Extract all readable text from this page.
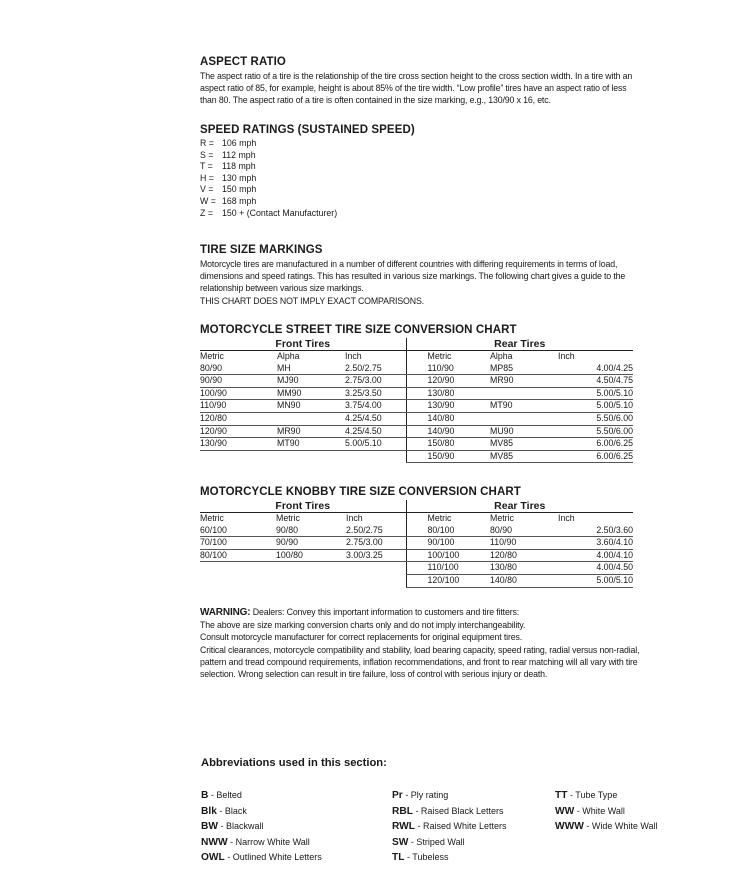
ASPECT RATIO

The aspect ratio of a tire is the relationship of the tire cross section height to the cross section width. In a tire with an aspect ratio of 85, for example, height is about 85% of the tire width. “Low profile” tires have an aspect ratio of less than 80. The aspect ratio of a tire is often contained in the size marking, e.g., 130/90 x 16, etc.

SPEED RATINGS (SUSTAINED SPEED)
R = 106 mph
S = 112 mph
T =	118 mph
H = 130 mph
V = 150 mph
W = 168 mph
Z =	150 + (Contact Manufacturer)
TIRE SIZE MARKINGS

Motorcycle tires are manufactured in a number of different countries with differing requirements in terms of load, dimensions and speed ratings. This has resulted in various size markings. The following chart gives a guide to the relationship between various size markings.

THIS CHART DOES NOT IMPLY EXACT COMPARISONS.

MOTORCYCLE STREET TIRE SIZE CONVERSION CHART
Front Tires			Rear Tires		
Metric	Alpha	Inch	Metric	Alpha	Inch
80/90	MH	2.50/2.75	110/90	MP85	4.00/4.25
90/90	MJ90	2.75/3.00	120/90	MR90	4.50/4.75
100/90	MM90	3.25/3.50	130/80		5.00/5.10
110/90	MN90	3.75/4.00	130/90	MT90	5.00/5.10
120/80		4.25/4.50	140/80		5.50/6.00
120/90	MR90	4.25/4.50	140/90	MU90	5.50/6.00
130/90	MT90	5.00/5.10	150/80	MV85	6.00/6.25
			150/90	MV85	6.00/6.25
MOTORCYCLE KNOBBY TIRE SIZE CONVERSION CHART
Front Tires			Rear Tires		
Metric	Metric	Inch	Metric	Metric	Inch
60/100	90/80	2.50/2.75	80/100	80/90	2.50/3.60
70/100	90/90	2.75/3.00	90/100	110/90	3.60/4.10
80/100	100/80	3.00/3.25	100/100	120/80	4.00/4.10
			110/100	130/80	4.00/4.50
			120/100	140/80	5.00/5.10

WARNING: Dealers: Convey this important information to customers and tire fitters:

The above are size marking conversion charts only and do not imply interchangeability.

Consult motorcycle manufacturer for correct replacements for original equipment tires.

Critical clearances, motorcycle compatibility and stability, load bearing capacity, speed rating, radial versus non-radial, pattern and tread compound requirements, inflation recommendations, and front to rear matching will all vary with tire selection. Wrong selection can result in tire failure, loss of control with serious injury or death.

Abbreviations used in this section:
B - Belted
Blk - Black
BW - Blackwall
NWW - Narrow White Wall
OWL - Outlined White Letters
Pr - Ply rating
RBL - Raised Black Letters
RWL - Raised White Letters
SW - Striped Wall
TL - Tubeless
TT - Tube Type
WW - White Wall
WWW - Wide White Wall
